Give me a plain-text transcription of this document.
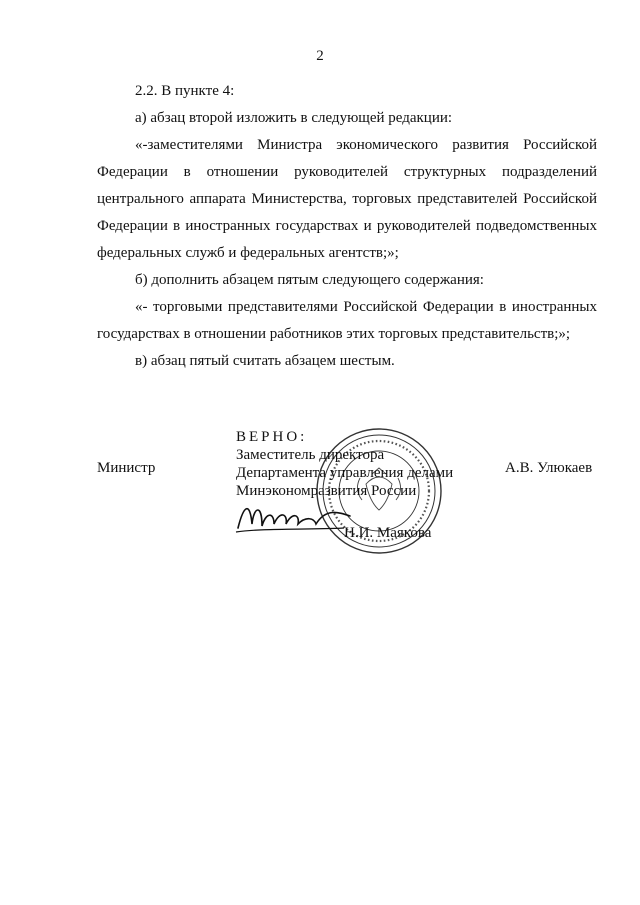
2

2.2. В пункте 4:

а) абзац второй изложить в следующей редакции:

«-заместителями Министра экономического развития Российской Федерации в отношении руководителей структурных подразделений центрального аппарата Министерства, торговых представителей Российской Федерации в иностранных государствах и руководителей подведомственных федеральных служб и федеральных агентств;»;

б) дополнить абзацем пятым следующего содержания:

«- торговыми представителями Российской Федерации в иностранных государствах в отношении работников этих торговых представительств;»;

в) абзац пятый считать абзацем шестым.

Министр	А.В. Улюкаев
ВЕРНО:
Заместитель директора
Департамента управления делами
Минэкономразвития России
Н.И. Маякова
